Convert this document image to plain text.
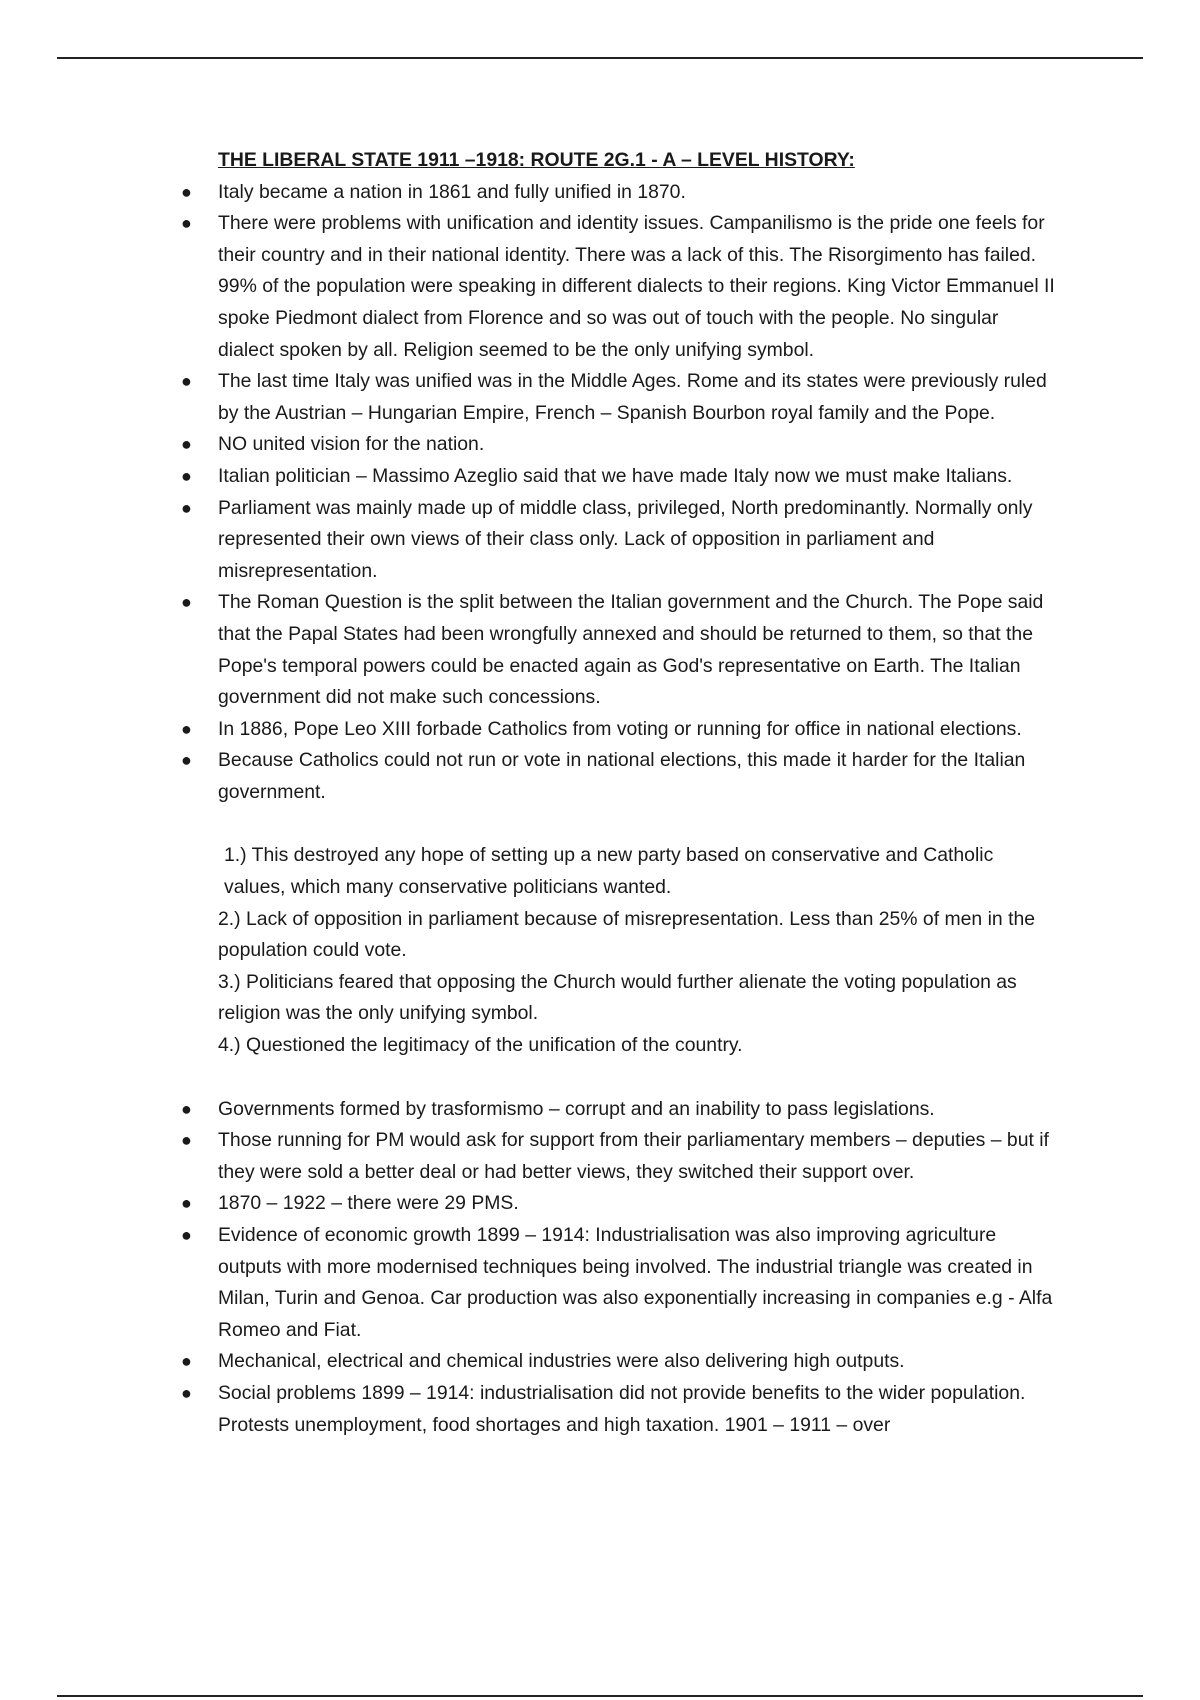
THE LIBERAL STATE 1911 –1918: ROUTE 2G.1 - A – LEVEL HISTORY:

● Italy became a nation in 1861 and fully unified in 1870.
● There were problems with unification and identity issues. Campanilismo is the pride one feels for their country and in their national identity. There was a lack of this. The Risorgimento has failed. 99% of the population were speaking in different dialects to their regions. King Victor Emmanuel II spoke Piedmont dialect from Florence and so was out of touch with the people. No singular dialect spoken by all. Religion seemed to be the only unifying symbol.
● The last time Italy was unified was in the Middle Ages. Rome and its states were previously ruled by the Austrian – Hungarian Empire, French – Spanish Bourbon royal family and the Pope.
● NO united vision for the nation.
● Italian politician – Massimo Azeglio said that we have made Italy now we must make Italians.
● Parliament was mainly made up of middle class, privileged, North predominantly. Normally only represented their own views of their class only. Lack of opposition in parliament and misrepresentation.
● The Roman Question is the split between the Italian government and the Church. The Pope said that the Papal States had been wrongfully annexed and should be returned to them, so that the Pope's temporal powers could be enacted again as God's representative on Earth. The Italian government did not make such concessions.
● In 1886, Pope Leo XIII forbade Catholics from voting or running for office in national elections.
● Because Catholics could not run or vote in national elections, this made it harder for the Italian government.

1.) This destroyed any hope of setting up a new party based on conservative and Catholic values, which many conservative politicians wanted.

2.) Lack of opposition in parliament because of misrepresentation. Less than 25% of men in the population could vote.

3.) Politicians feared that opposing the Church would further alienate the voting population as religion was the only unifying symbol.

4.) Questioned the legitimacy of the unification of the country.

● Governments formed by trasformismo – corrupt and an inability to pass legislations.
● Those running for PM would ask for support from their parliamentary members – deputies – but if they were sold a better deal or had better views, they switched their support over.
● 1870 – 1922 – there were 29 PMS.
● Evidence of economic growth 1899 – 1914: Industrialisation was also improving agriculture outputs with more modernised techniques being involved. The industrial triangle was created in Milan, Turin and Genoa. Car production was also exponentially increasing in companies e.g - Alfa Romeo and Fiat.
● Mechanical, electrical and chemical industries were also delivering high outputs.
● Social problems 1899 – 1914: industrialisation did not provide benefits to the wider population. Protests unemployment, food shortages and high taxation. 1901 – 1911 – over
